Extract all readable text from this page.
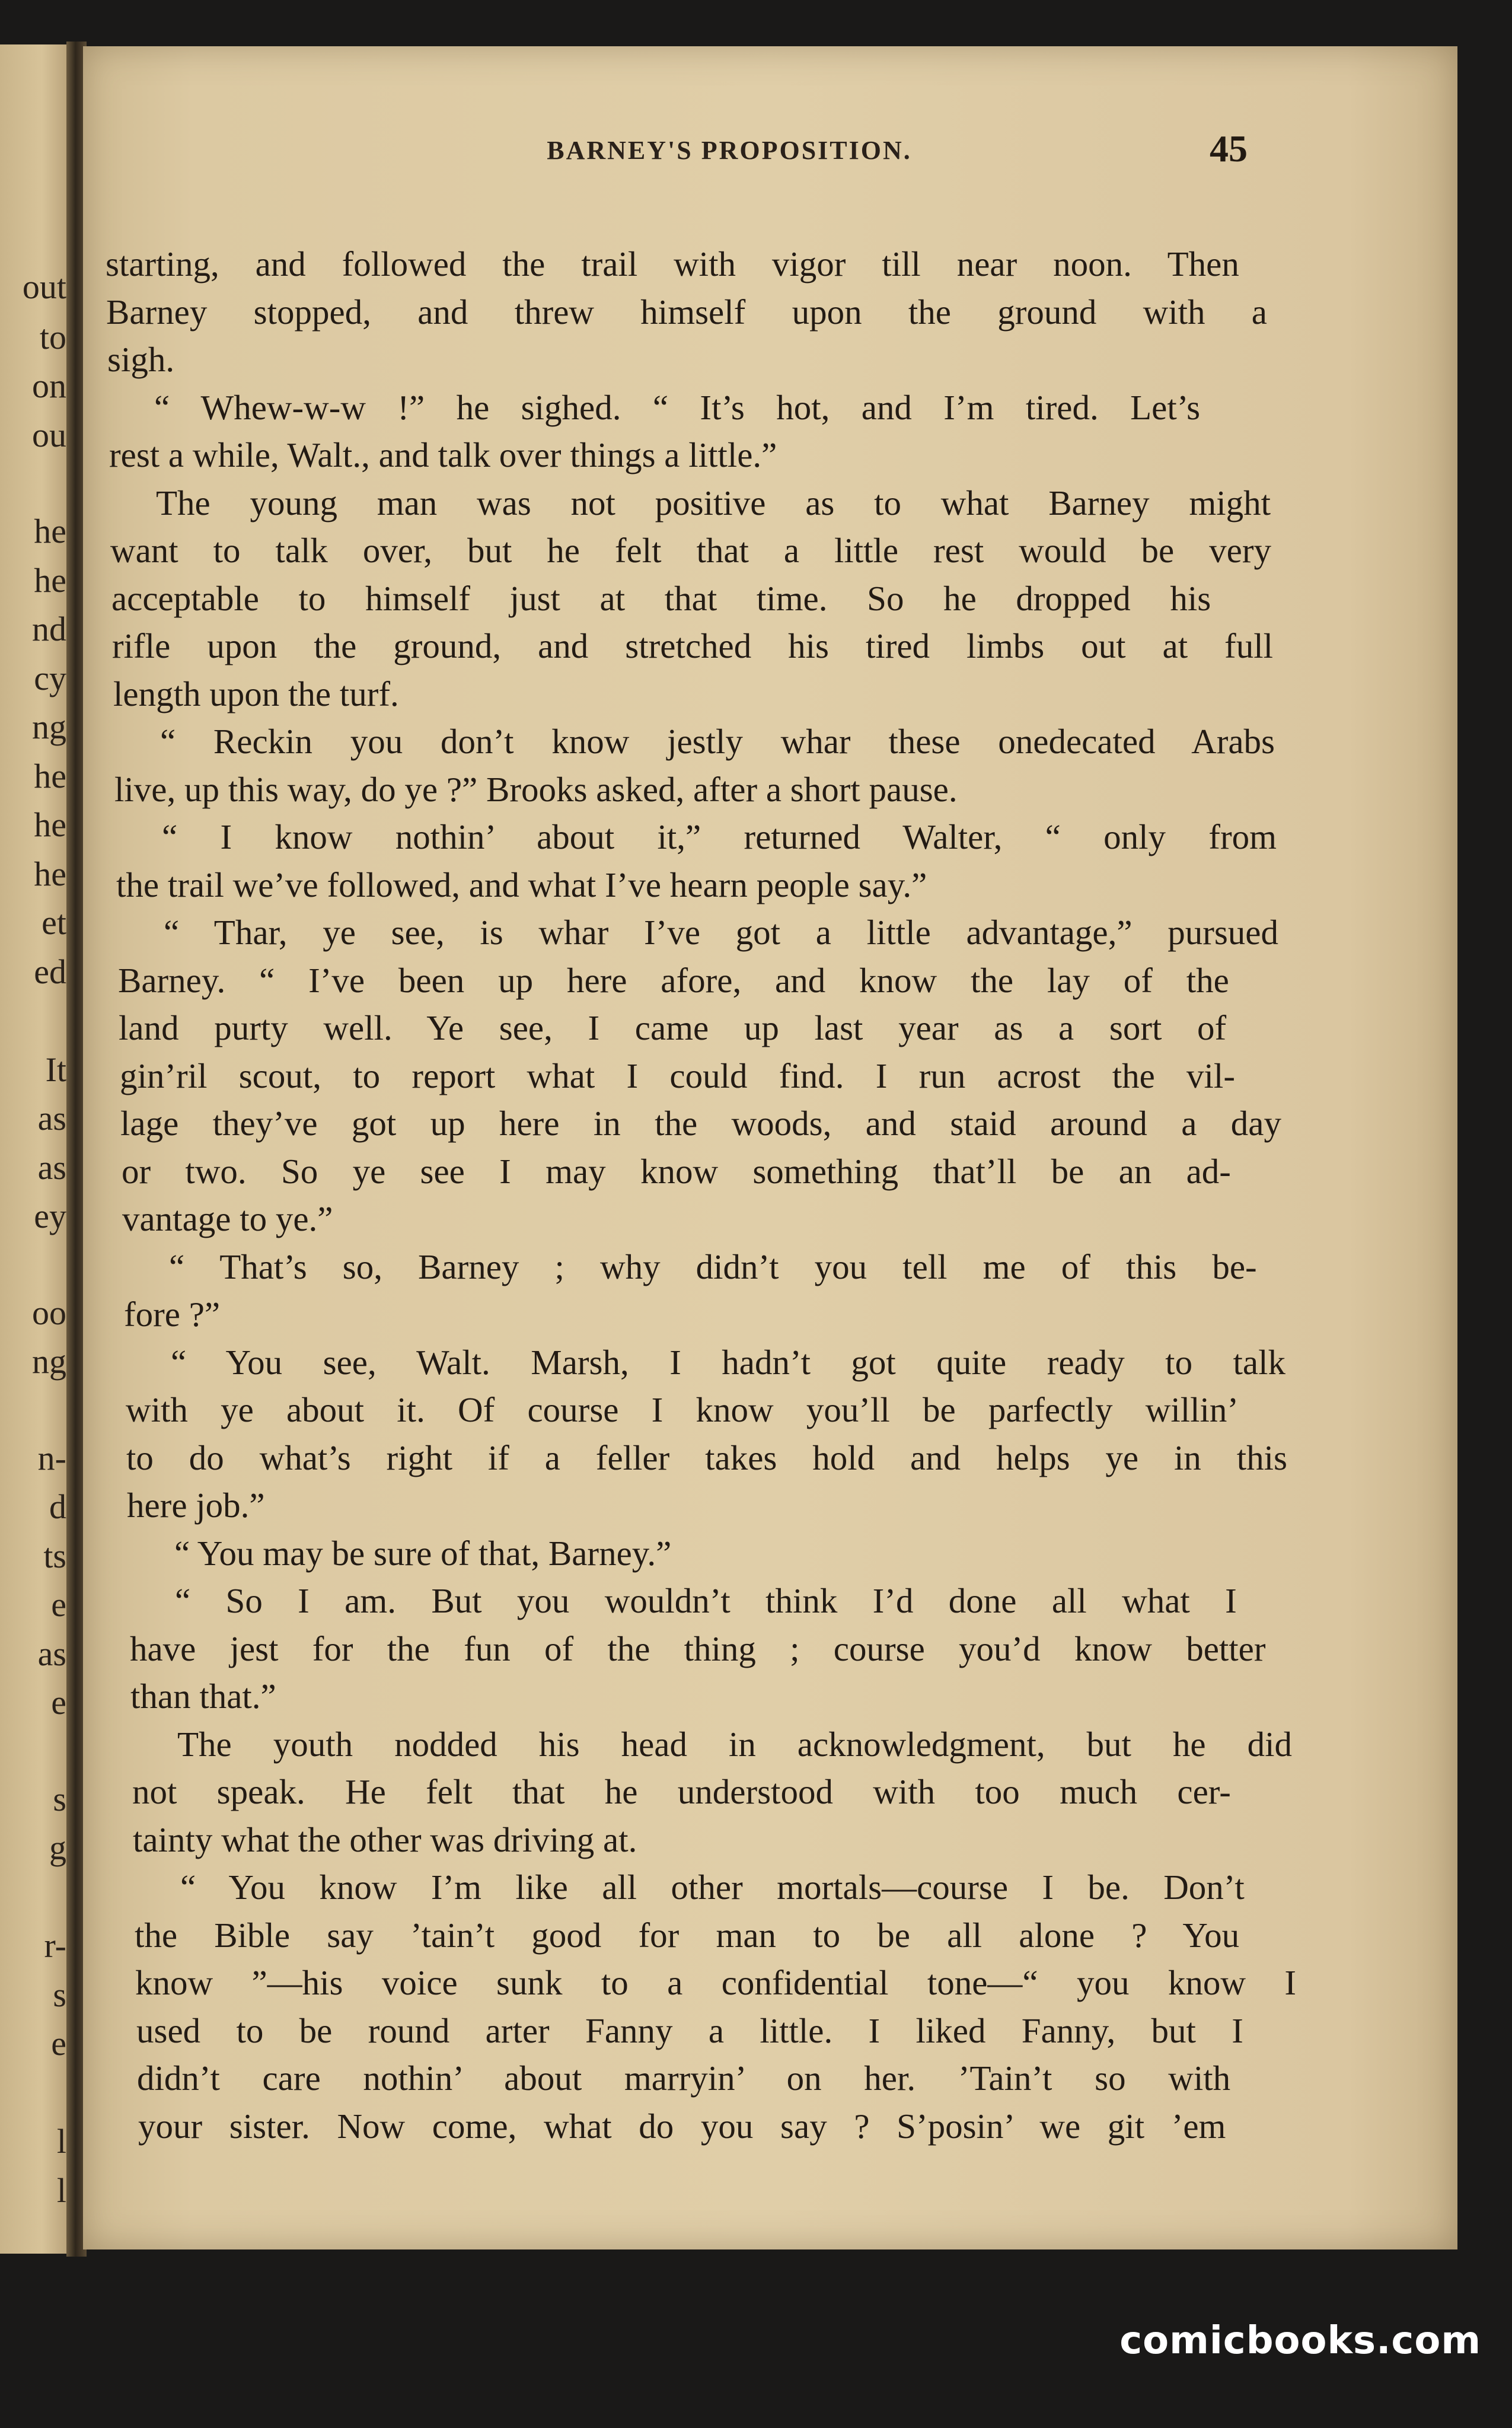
out
to
on
ou
he
he
nd
cy
ng
he
he
he
et
ed
It
as
as
ey
oo
ng
n-
d
ts
e
as
e
s
g
r-
s
e
l
l
BARNEY'S PROPOSITION.	45
starting, and followed the trail with vigor till near noon. Then
Barney stopped, and threw himself upon the ground with a
sigh.
“ Whew-w-w !” he sighed. “ It’s hot, and I’m tired. Let’s
rest a while, Walt., and talk over things a little.”
The young man was not positive as to what Barney might
want to talk over, but he felt that a little rest would be very
acceptable to himself just at that time. So he dropped his
rifle upon the ground, and stretched his tired limbs out at full
length upon the turf.
“ Reckin you don’t know jestly whar these onedecated Arabs
live, up this way, do ye ?” Brooks asked, after a short pause.
“ I know nothin’ about it,” returned Walter, “ only from
the trail we’ve followed, and what I’ve hearn people say.”
“ Thar, ye see, is whar I’ve got a little advantage,” pursued
Barney. “ I’ve been up here afore, and know the lay of the
land purty well. Ye see, I came up last year as a sort of
gin’ril scout, to report what I could find. I run acrost the vil-
lage they’ve got up here in the woods, and staid around a day
or two. So ye see I may know something that’ll be an ad-
vantage to ye.”
“ That’s so, Barney ; why didn’t you tell me of this be-
fore ?”
“ You see, Walt. Marsh, I hadn’t got quite ready to talk
with ye about it. Of course I know you’ll be parfectly willin’
to do what’s right if a feller takes hold and helps ye in this
here job.”
“ You may be sure of that, Barney.”
“ So I am. But you wouldn’t think I’d done all what I
have jest for the fun of the thing ; course you’d know better
than that.”
The youth nodded his head in acknowledgment, but he did
not speak. He felt that he understood with too much cer-
tainty what the other was driving at.
“ You know I’m like all other mortals—course I be. Don’t
the Bible say ’tain’t good for man to be all alone ? You
know ”—his voice sunk to a confidential tone—“ you know I
used to be round arter Fanny a little. I liked Fanny, but I
didn’t care nothin’ about marryin’ on her. ’Tain’t so with
your sister. Now come, what do you say ? S’posin’ we git ’em
comicbooks.com
